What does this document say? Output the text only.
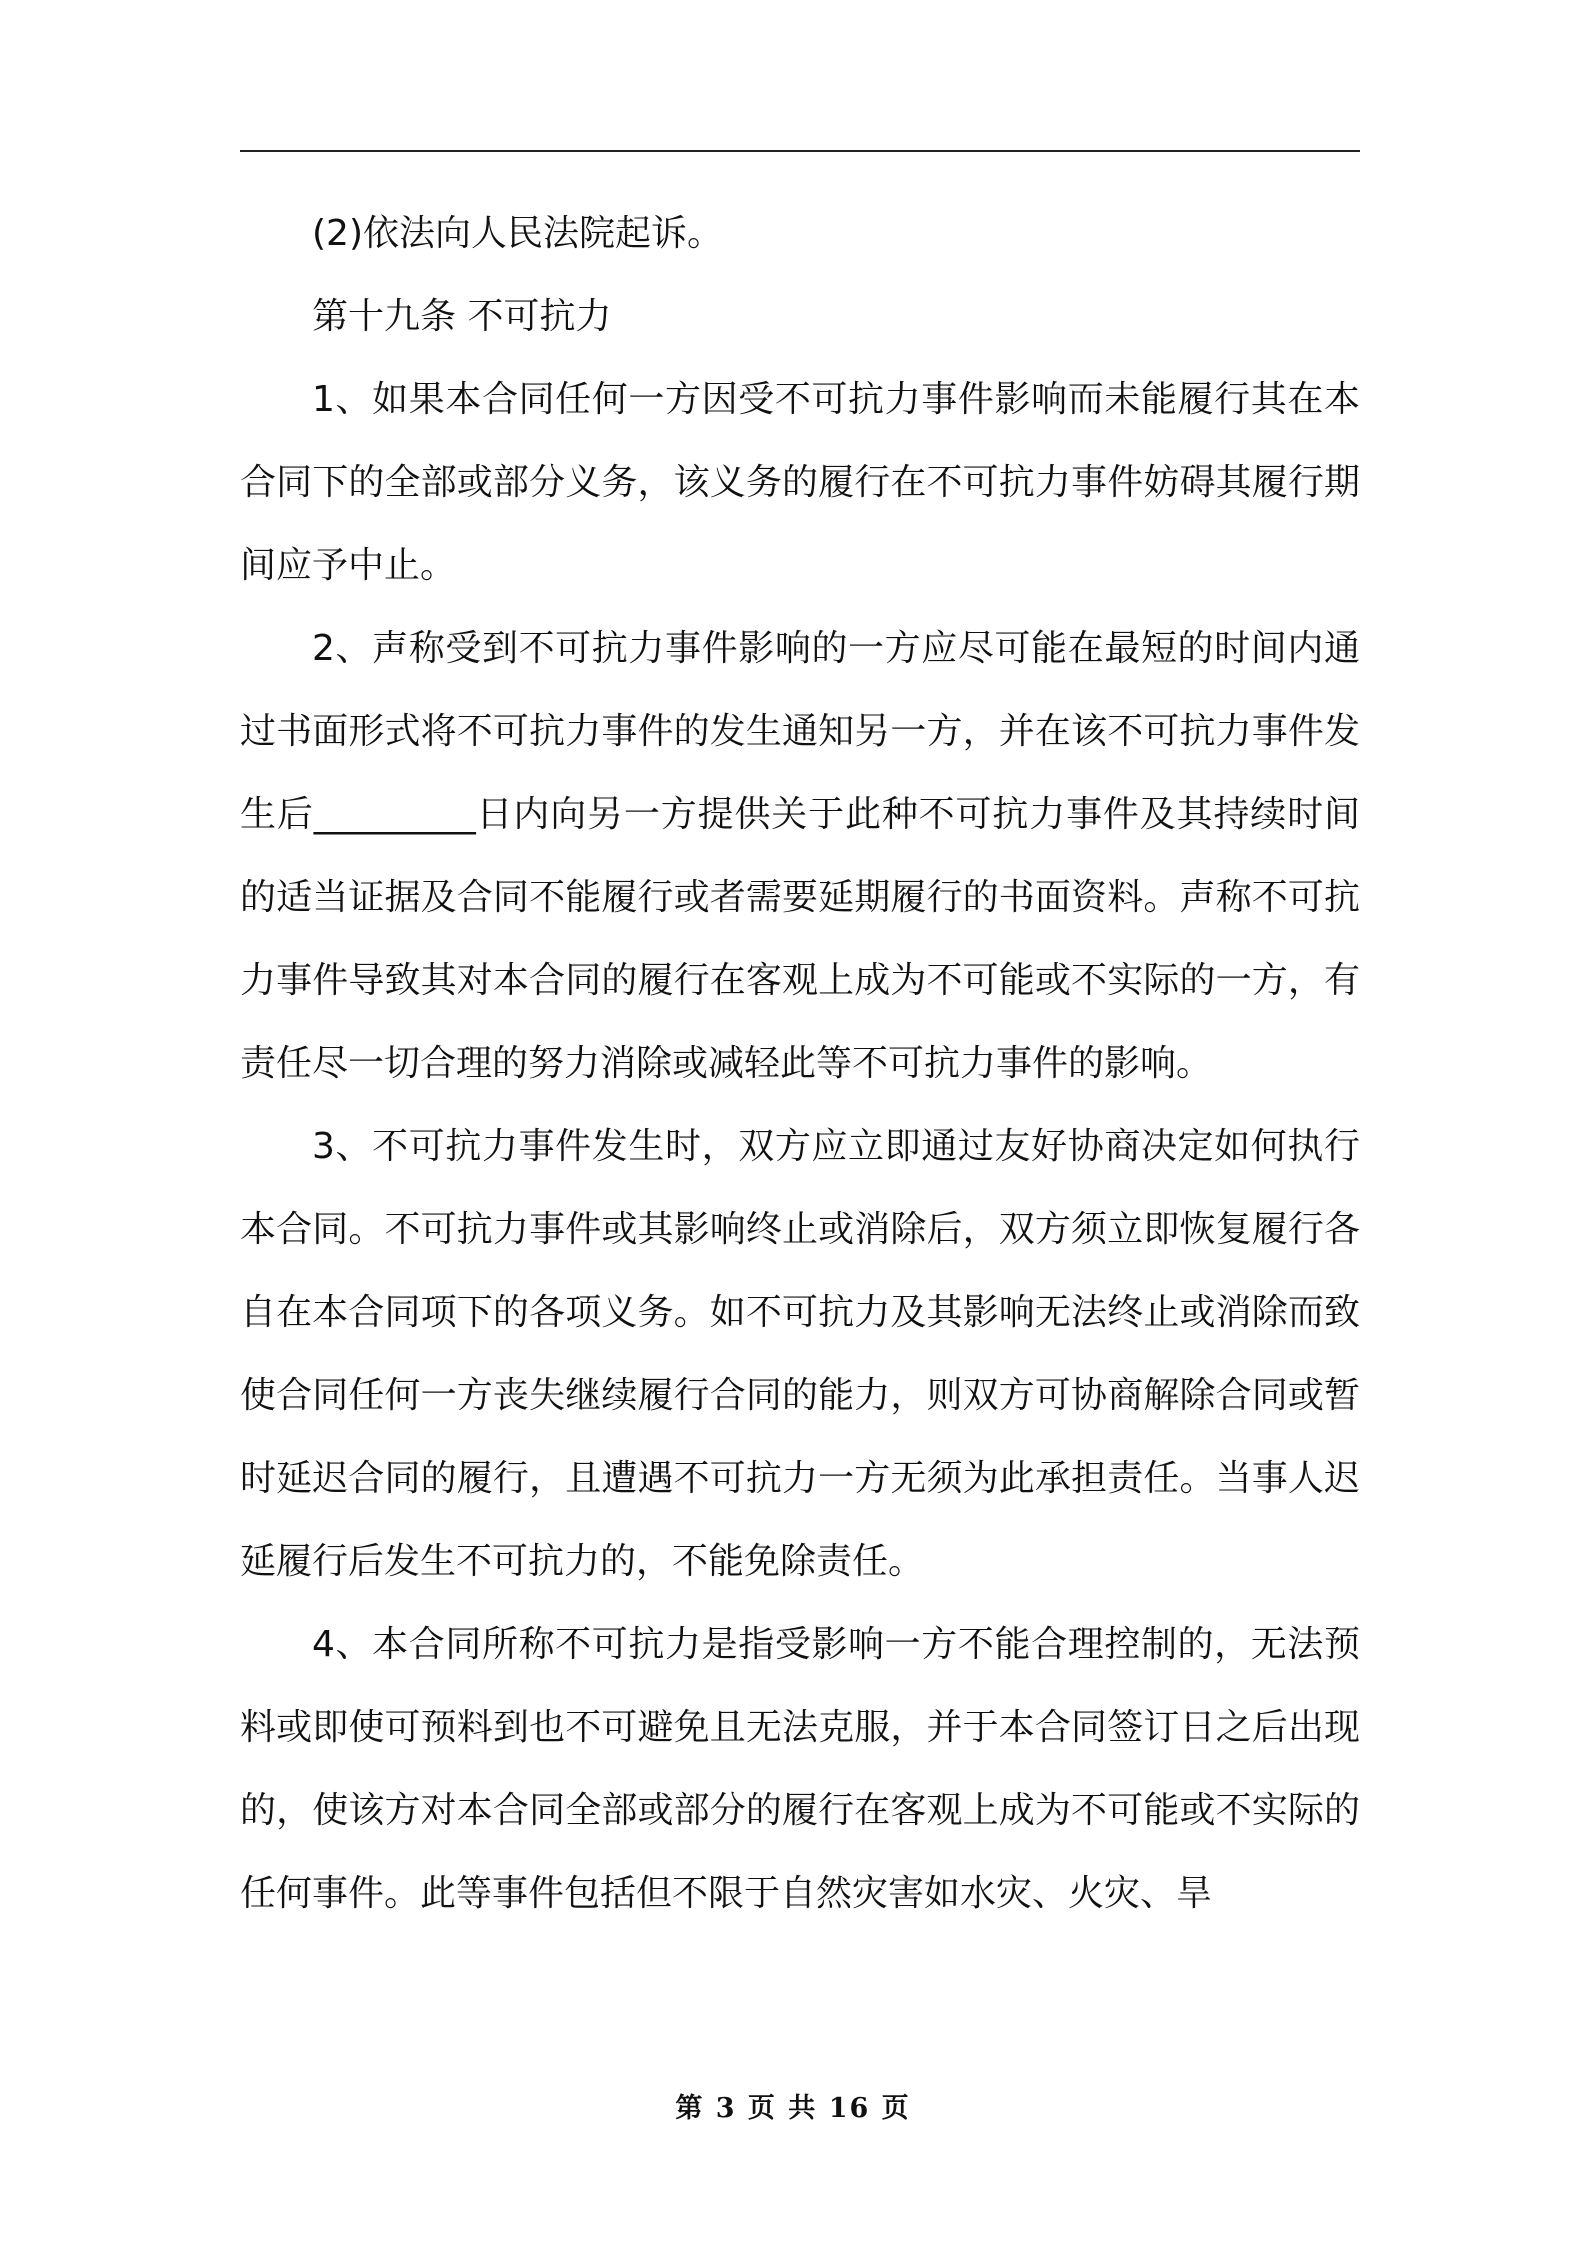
(2)依法向人民法院起诉。

第十九条 不可抗力

1、如果本合同任何一方因受不可抗力事件影响而未能履行其在本合同下的全部或部分义务，该义务的履行在不可抗力事件妨碍其履行期间应予中止。

2、声称受到不可抗力事件影响的一方应尽可能在最短的时间内通过书面形式将不可抗力事件的发生通知另一方，并在该不可抗力事件发生后_________日内向另一方提供关于此种不可抗力事件及其持续时间的适当证据及合同不能履行或者需要延期履行的书面资料。声称不可抗力事件导致其对本合同的履行在客观上成为不可能或不实际的一方，有责任尽一切合理的努力消除或减轻此等不可抗力事件的影响。

3、不可抗力事件发生时，双方应立即通过友好协商决定如何执行本合同。不可抗力事件或其影响终止或消除后，双方须立即恢复履行各自在本合同项下的各项义务。如不可抗力及其影响无法终止或消除而致使合同任何一方丧失继续履行合同的能力，则双方可协商解除合同或暂时延迟合同的履行，且遭遇不可抗力一方无须为此承担责任。当事人迟延履行后发生不可抗力的，不能免除责任。

4、本合同所称不可抗力是指受影响一方不能合理控制的，无法预料或即使可预料到也不可避免且无法克服，并于本合同签订日之后出现的，使该方对本合同全部或部分的履行在客观上成为不可能或不实际的任何事件。此等事件包括但不限于自然灾害如水灾、火灾、旱

第 3 页 共 16 页
